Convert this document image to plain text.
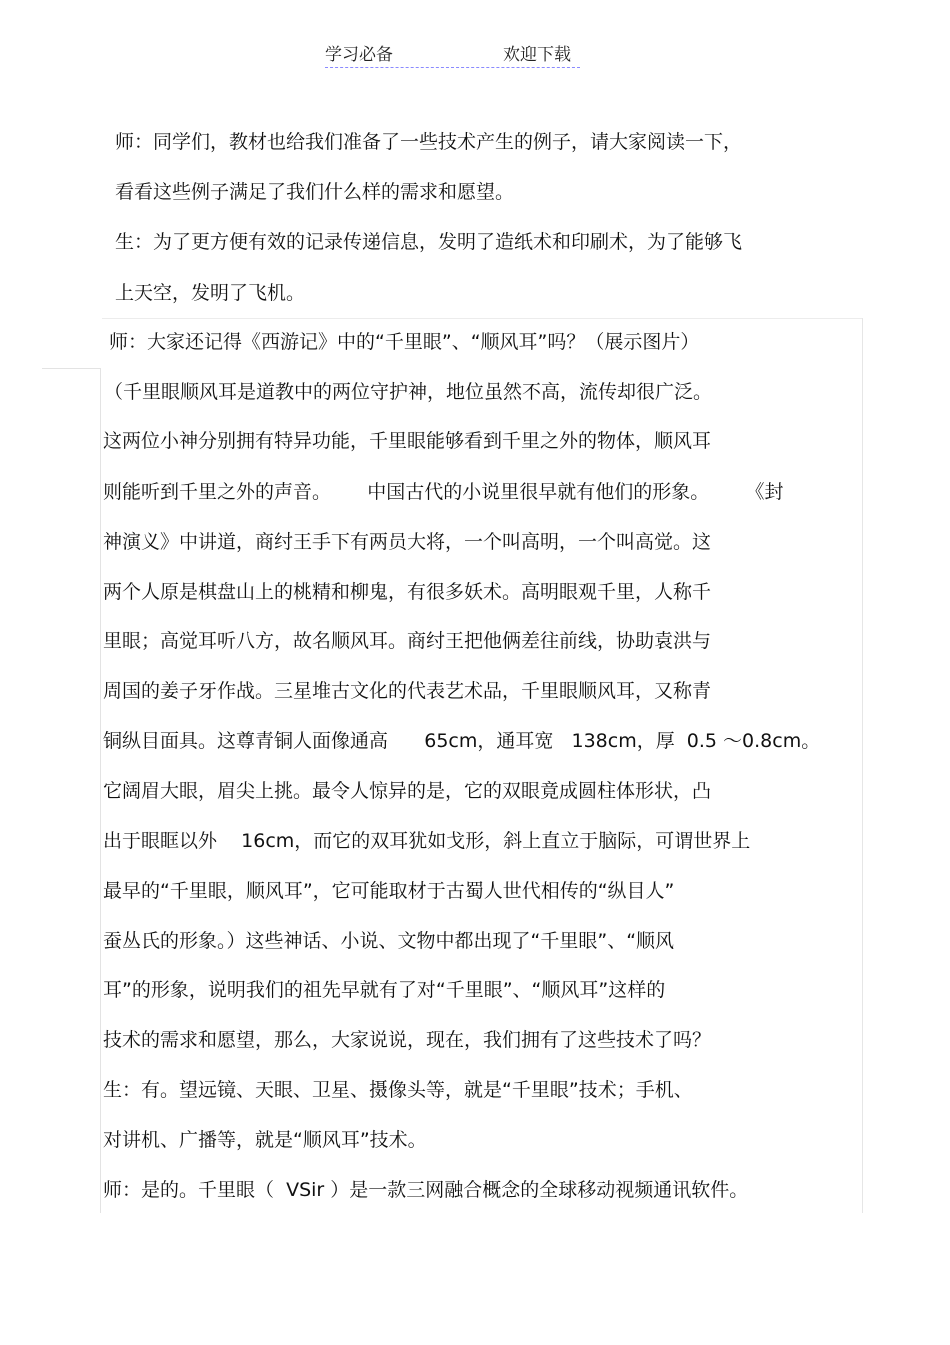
学习必备	欢迎下载
师：同学们，教材也给我们准备了一些技术产生的例子，请大家阅读一下，
看看这些例子满足了我们什么样的需求和愿望。
生：为了更方便有效的记录传递信息，发明了造纸术和印刷术，为了能够飞
上天空，发明了飞机。
师：大家还记得《西游记》中的“千里眼”、“顺风耳”吗？（展示图片）
（千里眼顺风耳是道教中的两位守护神，地位虽然不高，流传却很广泛。
这两位小神分别拥有特异功能，千里眼能够看到千里之外的物体，顺风耳
则能听到千里之外的声音。      中国古代的小说里很早就有他们的形象。      《封
神演义》中讲道，商纣王手下有两员大将，一个叫高明，一个叫高觉。这
两个人原是棋盘山上的桃精和柳鬼，有很多妖术。高明眼观千里，人称千
里眼；高觉耳听八方，故名顺风耳。商纣王把他俩差往前线，协助袁洪与
周国的姜子牙作战。三星堆古文化的代表艺术品，千里眼顺风耳，又称青
铜纵目面具。这尊青铜人面像通高      65cm，通耳宽   138cm，厚  0.5 ～0.8cm。
它阔眉大眼，眉尖上挑。最令人惊异的是，它的双眼竟成圆柱体形状，凸
出于眼眶以外    16cm，而它的双耳犹如戈形，斜上直立于脑际，可谓世界上
最早的“千里眼，顺风耳”，它可能取材于古蜀人世代相传的“纵目人”
蚕丛氏的形象。）这些神话、小说、文物中都出现了“千里眼”、“顺风
耳”的形象，说明我们的祖先早就有了对“千里眼”、“顺风耳”这样的
技术的需求和愿望，那么，大家说说，现在，我们拥有了这些技术了吗？
生：有。望远镜、天眼、卫星、摄像头等，就是“千里眼”技术；手机、
对讲机、广播等，就是“顺风耳”技术。
师：是的。千里眼（  VSir ）是一款三网融合概念的全球移动视频通讯软件。
